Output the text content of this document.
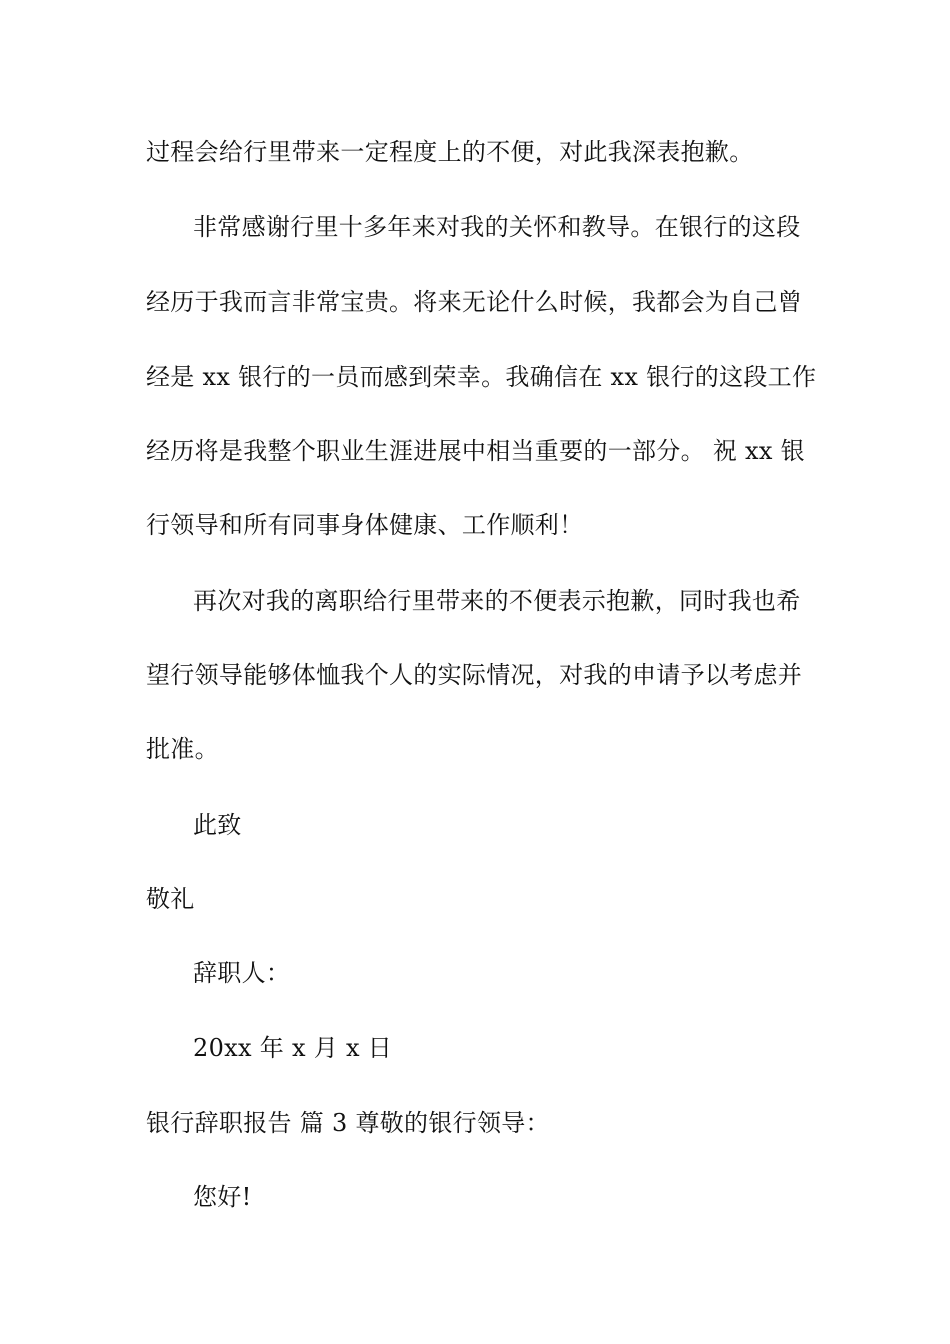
过程会给行里带来一定程度上的不便，对此我深表抱歉。
非常感谢行里十多年来对我的关怀和教导。在银行的这段
经历于我而言非常宝贵。将来无论什么时候，我都会为自己曾
经是 xx 银行的一员而感到荣幸。我确信在 xx 银行的这段工作
经历将是我整个职业生涯进展中相当重要的一部分。 祝 xx 银
行领导和所有同事身体健康、工作顺利！
再次对我的离职给行里带来的不便表示抱歉，同时我也希
望行领导能够体恤我个人的实际情况，对我的申请予以考虑并
批准。
此致
敬礼
辞职人：
20xx 年 x 月 x 日
银行辞职报告 篇 3 尊敬的银行领导：
您好!
